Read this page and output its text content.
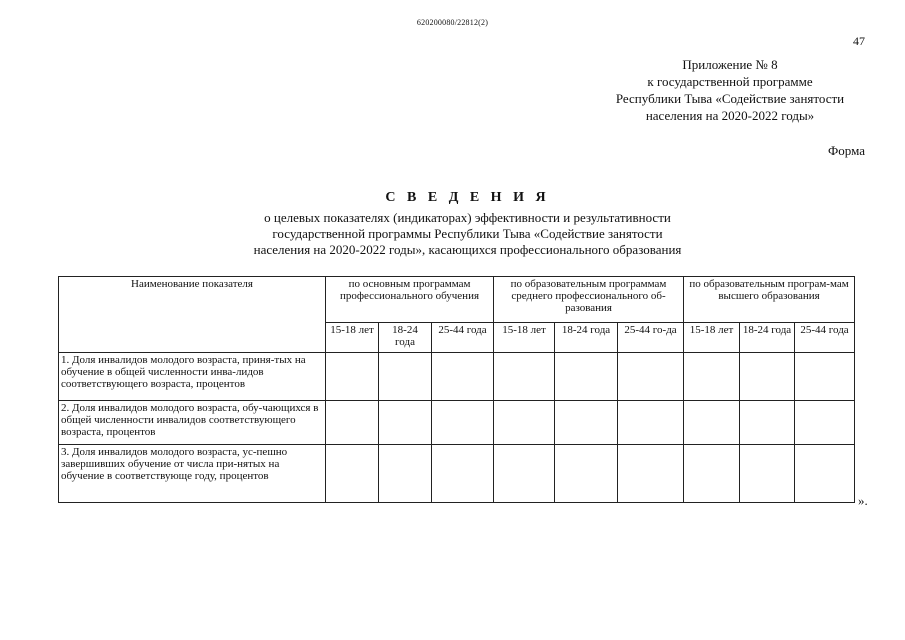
620200080/22812(2)
47
Приложение № 8
к государственной программе
Республики Тыва «Содействие занятости
населения на 2020-2022 годы»
Форма
С В Е Д Е Н И Я
о целевых показателях (индикаторах) эффективности и результативности
государственной программы Республики Тыва «Содействие занятости
населения на 2020-2022 годы», касающихся профессионального образования
Наименование показателя	по основным программам профессионального обучения			по образовательным программам среднего профессионального об-разования			по образовательным програм-мам высшего образования		
	15-18 лет	18-24 года	25-44 года	15-18 лет	18-24 года	25-44 го-да	15-18 лет	18-24 года	25-44 года
1. Доля инвалидов молодого возраста, приня-тых на обучение в общей численности инва-лидов соответствующего возраста, процентов									
2. Доля инвалидов молодого возраста, обу-чающихся в общей численности инвалидов соответствующего возраста, процентов									
3. Доля инвалидов молодого возраста, ус-пешно завершивших обучение от числа при-нятых на обучение в соответствующе году, процентов									
».
